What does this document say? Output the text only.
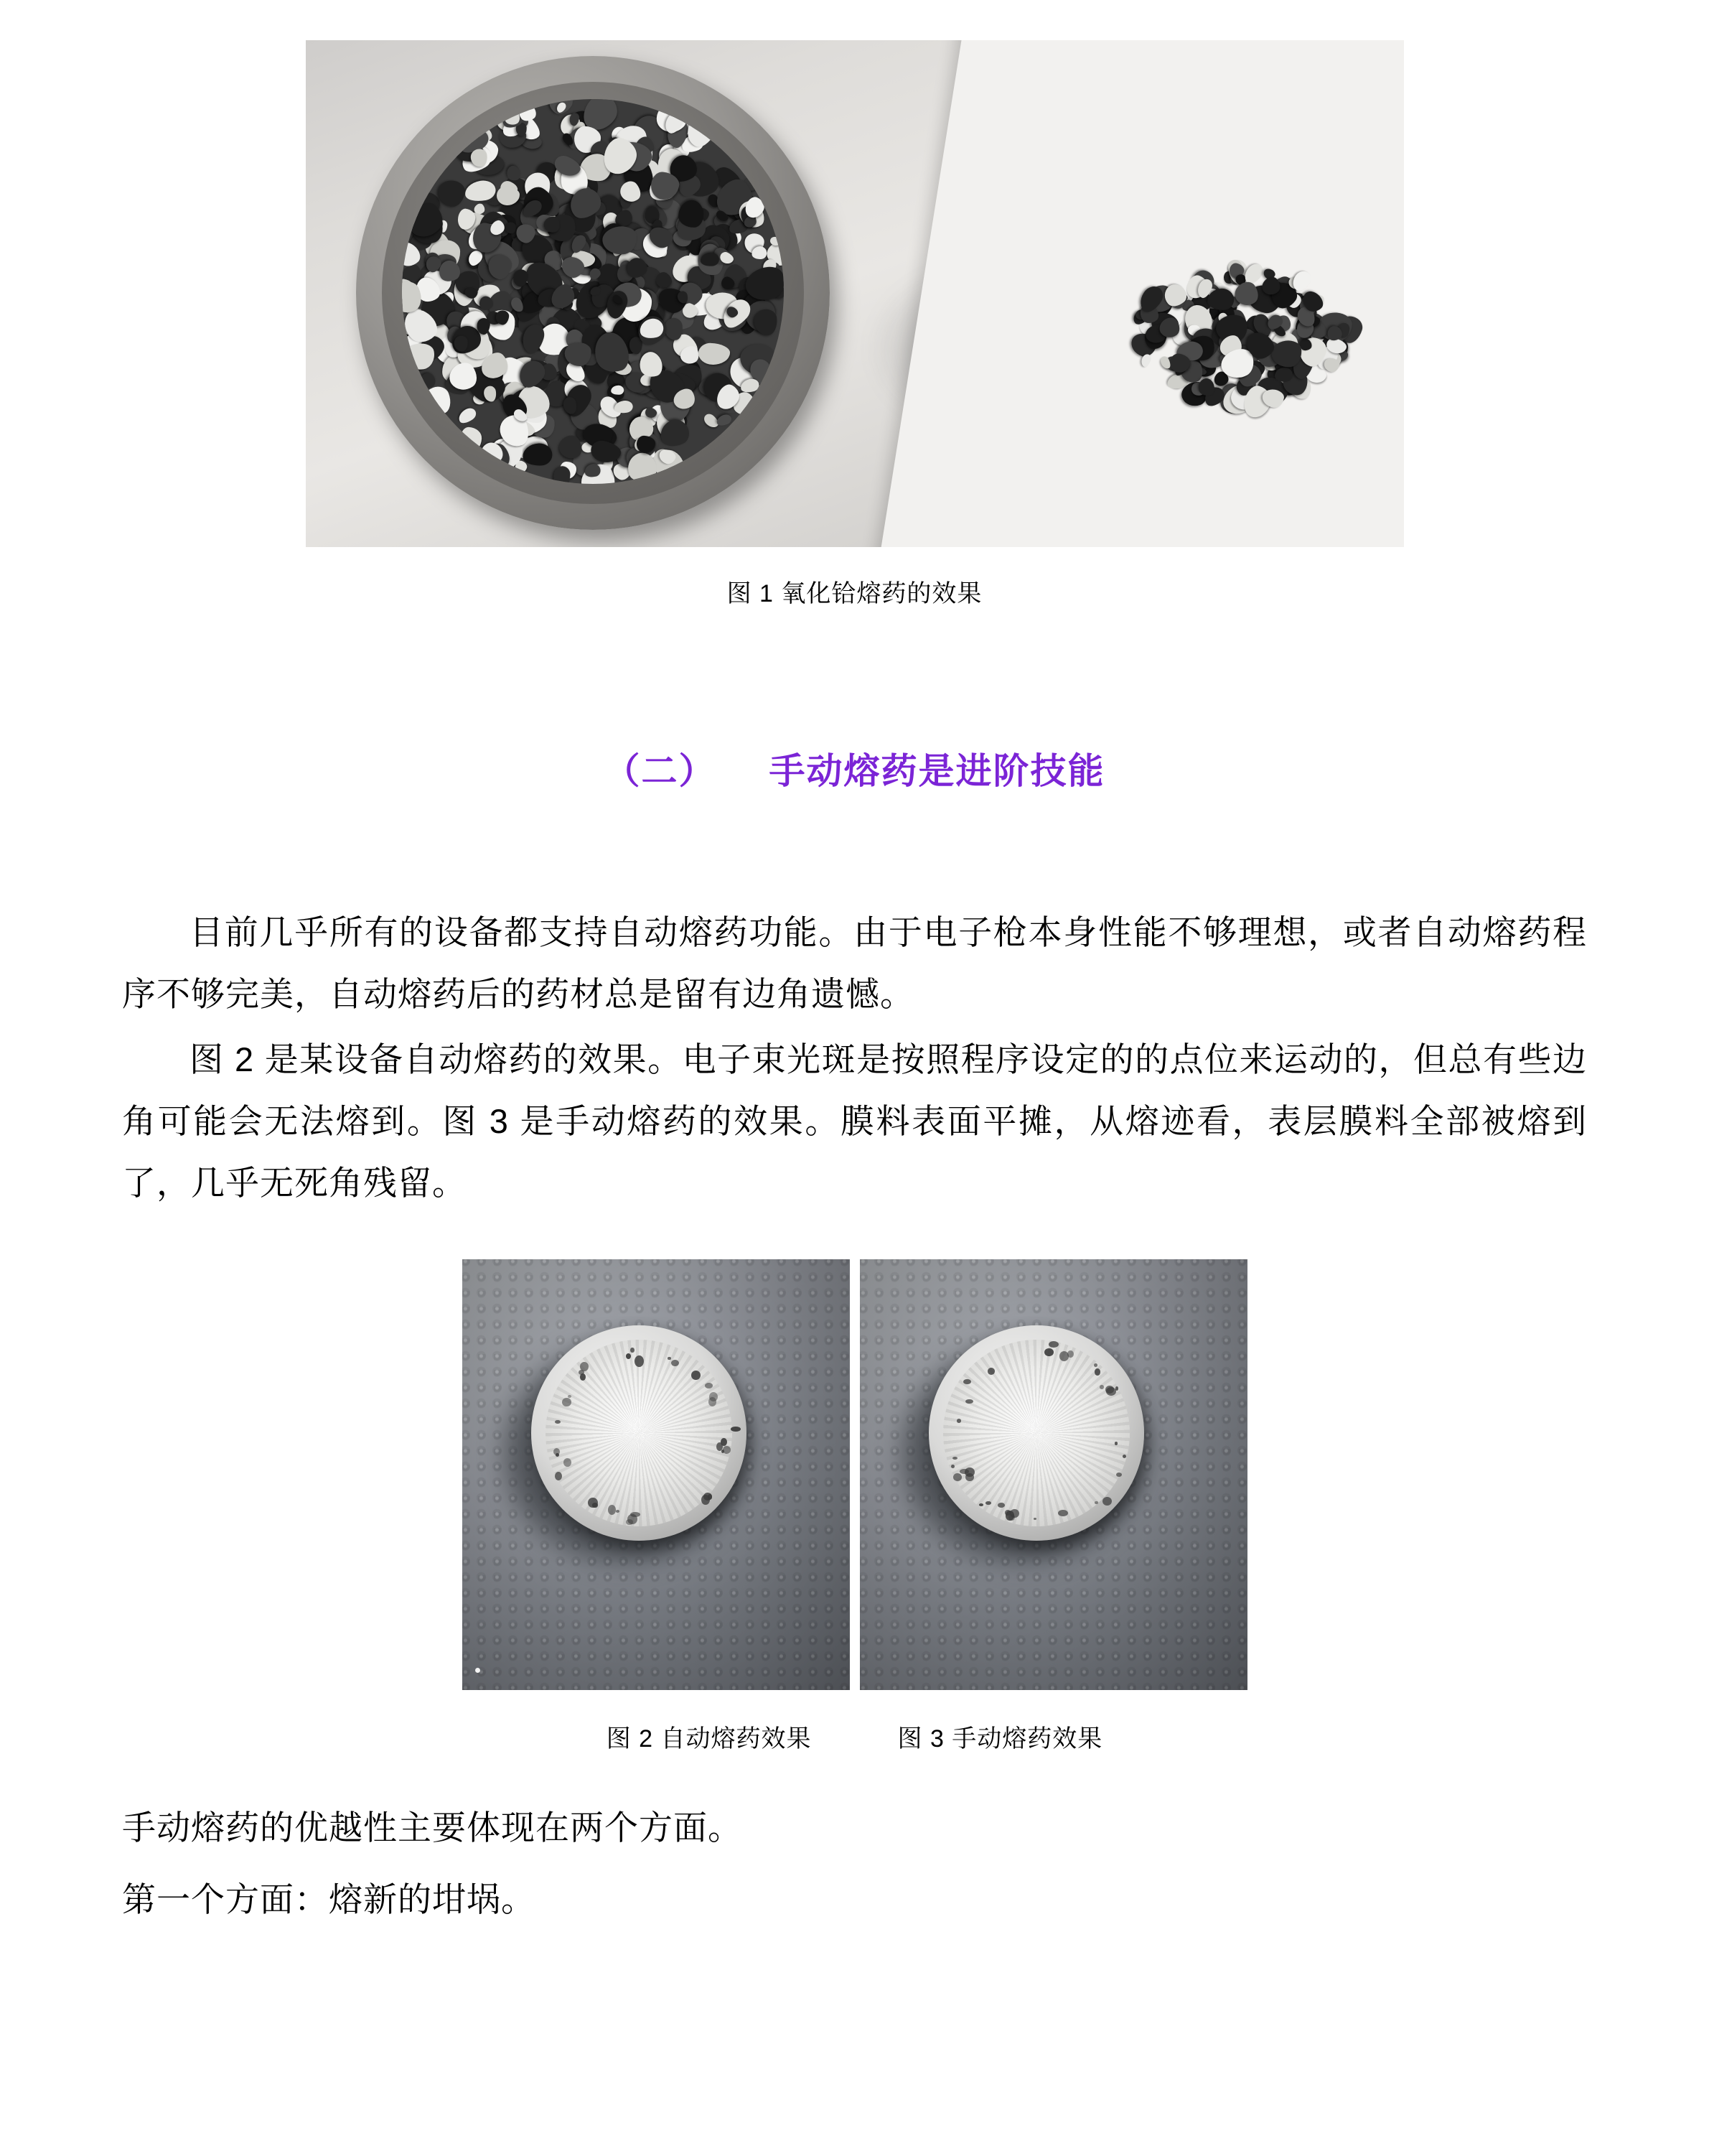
图 1 氧化铪熔药的效果
（二） 手动熔药是进阶技能

目前几乎所有的设备都支持自动熔药功能。由于电子枪本身性能不够理想，或者自动熔药程序不够完美，自动熔药后的药材总是留有边角遗憾。

图 2 是某设备自动熔药的效果。电子束光斑是按照程序设定的的点位来运动的，但总有些边角可能会无法熔到。图 3 是手动熔药的效果。膜料表面平摊，从熔迹看，表层膜料全部被熔到了，几乎无死角残留。

图 2 自动熔药效果	图 3 手动熔药效果

手动熔药的优越性主要体现在两个方面。

第一个方面：熔新的坩埚。
